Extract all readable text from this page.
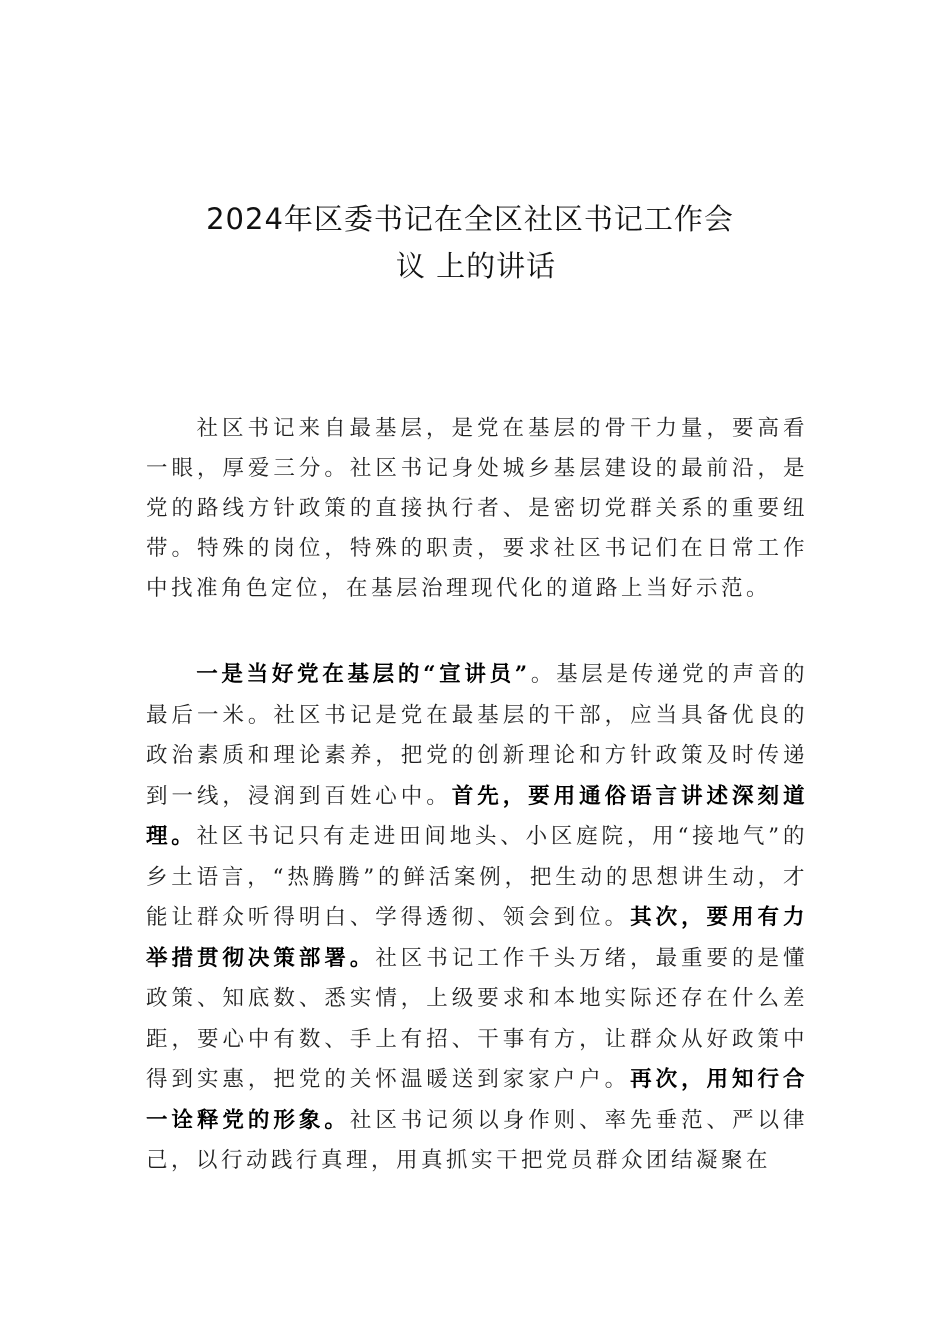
2024年区委书记在全区社区书记工作会
议 上的讲话
社区书记来自最基层，是党在基层的骨干力量，要高看一眼，厚爱三分。社区书记身处城乡基层建设的最前沿，是党的路线方针政策的直接执行者、是密切党群关系的重要纽带。特殊的岗位，特殊的职责，要求社区书记们在日常工作中找准角色定位，在基层治理现代化的道路上当好示范。
一是当好党在基层的“宣讲员”。基层是传递党的声音的最后一米。社区书记是党在最基层的干部，应当具备优良的政治素质和理论素养，把党的创新理论和方针政策及时传递到一线，浸润到百姓心中。首先，要用通俗语言讲述深刻道理。社区书记只有走进田间地头、小区庭院，用“接地气”的乡土语言，“热腾腾”的鲜活案例，把生动的思想讲生动，才能让群众听得明白、学得透彻、领会到位。其次，要用有力举措贯彻决策部署。社区书记工作千头万绪，最重要的是懂政策、知底数、悉实情，上级要求和本地实际还存在什么差距，要心中有数、手上有招、干事有方，让群众从好政策中得到实惠，把党的关怀温暖送到家家户户。再次，用知行合一诠释党的形象。社区书记须以身作则、率先垂范、严以律己，以行动践行真理，用真抓实干把党员群众团结凝聚在
